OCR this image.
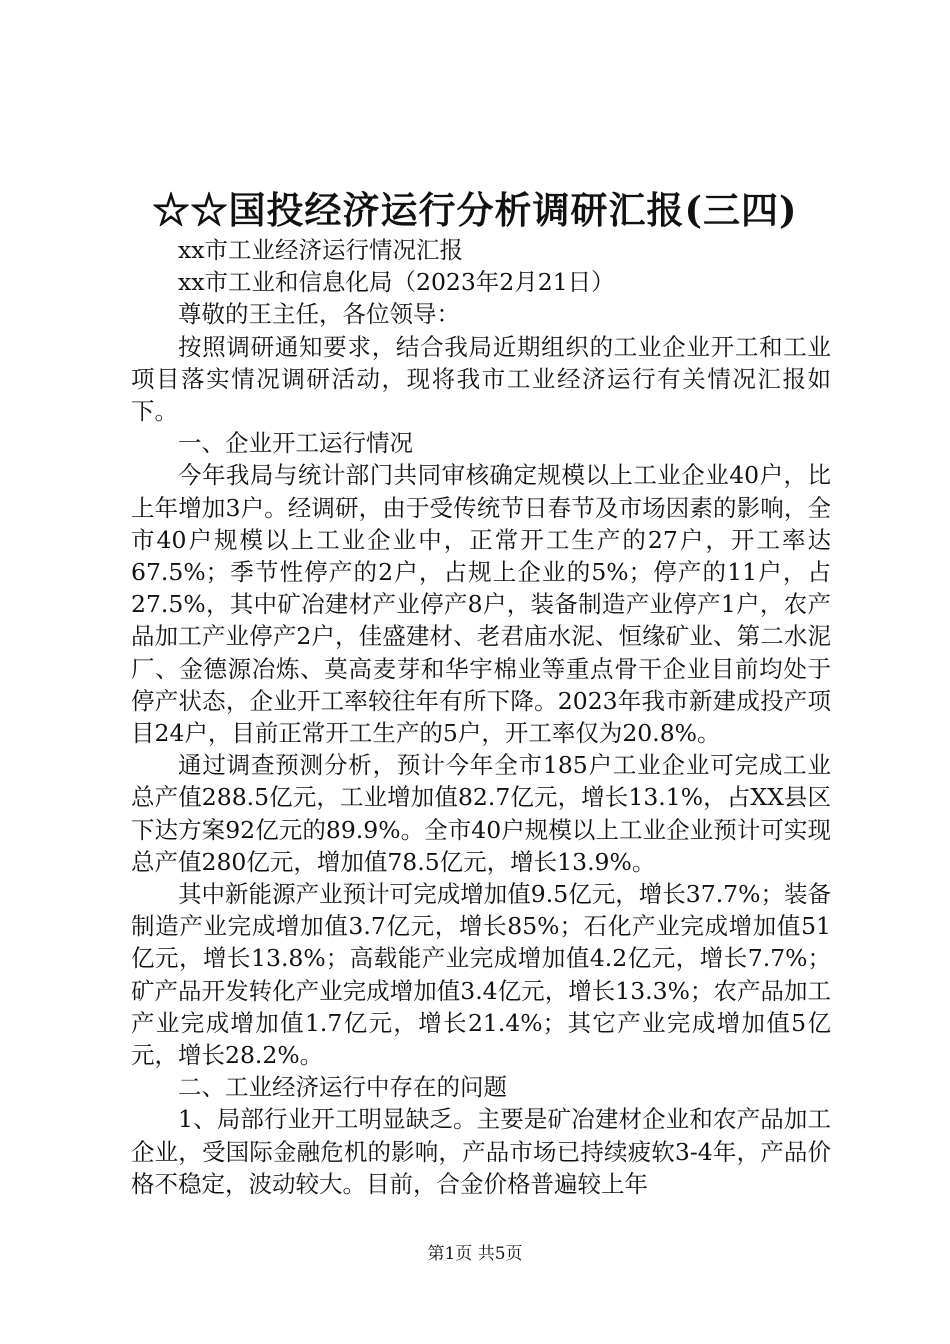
☆☆国投经济运行分析调研汇报(三四)

xx市工业经济运行情况汇报

xx市工业和信息化局（2023年2月21日）

尊敬的王主任，各位领导：

按照调研通知要求，结合我局近期组织的工业企业开工和工业项目落实情况调研活动，现将我市工业经济运行有关情况汇报如下。

一、企业开工运行情况

今年我局与统计部门共同审核确定规模以上工业企业40户，比上年增加3户。经调研，由于受传统节日春节及市场因素的影响，全市40户规模以上工业企业中，正常开工生产的27户，开工率达67.5%；季节性停产的2户，占规上企业的5%；停产的11户，占27.5%，其中矿冶建材产业停产8户，装备制造产业停产1户，农产品加工产业停产2户，佳盛建材、老君庙水泥、恒缘矿业、第二水泥厂、金德源冶炼、莫高麦芽和华宇棉业等重点骨干企业目前均处于停产状态，企业开工率较往年有所下降。2023年我市新建成投产项目24户，目前正常开工生产的5户，开工率仅为20.8%。

通过调查预测分析，预计今年全市185户工业企业可完成工业总产值288.5亿元，工业增加值82.7亿元，增长13.1%，占XX县区下达方案92亿元的89.9%。全市40户规模以上工业企业预计可实现总产值280亿元，增加值78.5亿元，增长13.9%。

其中新能源产业预计可完成增加值9.5亿元，增长37.7%；装备制造产业完成增加值3.7亿元，增长85%；石化产业完成增加值51亿元，增长13.8%；高载能产业完成增加值4.2亿元，增长7.7%；矿产品开发转化产业完成增加值3.4亿元，增长13.3%；农产品加工产业完成增加值1.7亿元，增长21.4%；其它产业完成增加值5亿元，增长28.2%。

二、工业经济运行中存在的问题

1、局部行业开工明显缺乏。主要是矿冶建材企业和农产品加工企业，受国际金融危机的影响，产品市场已持续疲软3-4年，产品价格不稳定，波动较大。目前，合金价格普遍较上年

第1页 共5页
